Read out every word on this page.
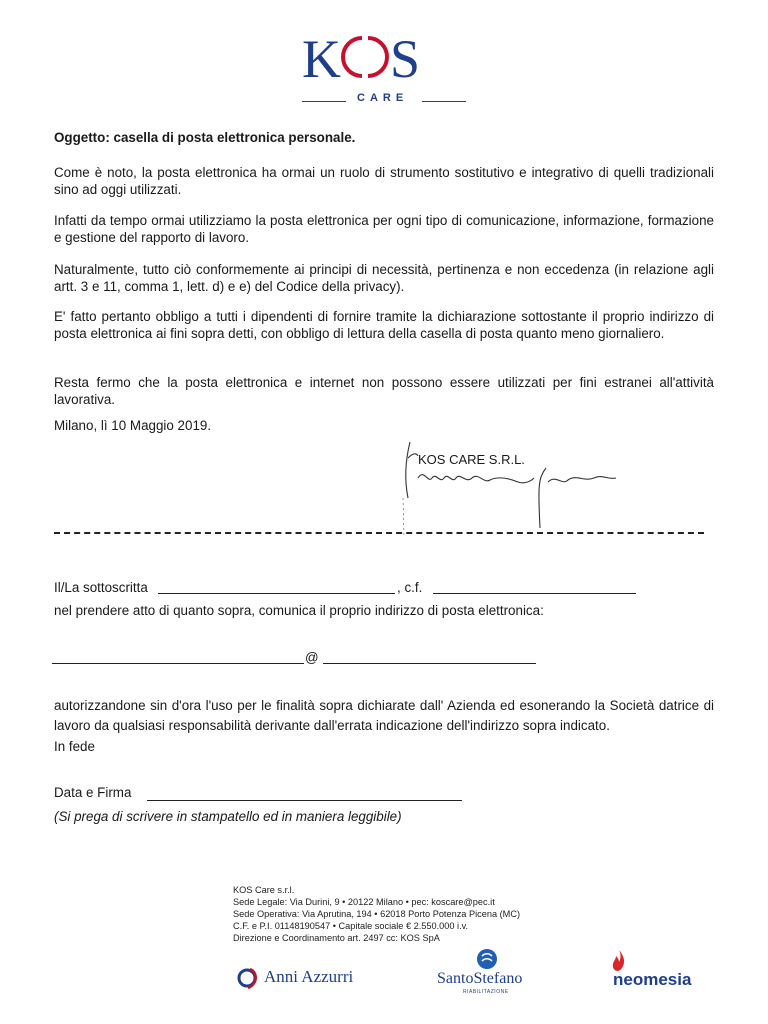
K S
CARE
Oggetto: casella di posta elettronica personale.
Come è noto, la posta elettronica ha ormai un ruolo di strumento sostitutivo e integrativo di quelli tradizionali sino ad oggi utilizzati.
Infatti da tempo ormai utilizziamo la posta elettronica per ogni tipo di comunicazione, informazione, formazione e gestione del rapporto di lavoro.
Naturalmente, tutto ciò conformemente ai principi di necessità, pertinenza e non eccedenza (in relazione agli artt. 3 e 11, comma 1, lett. d) e e) del Codice della privacy).
E' fatto pertanto obbligo a tutti i dipendenti di fornire tramite la dichiarazione sottostante il proprio indirizzo di posta elettronica ai fini sopra detti, con obbligo di lettura della casella di posta quanto meno giornaliero.
Resta fermo che la posta elettronica e internet non possono essere utilizzati per fini estranei all'attività lavorativa.
Milano, lì 10 Maggio 2019.
KOS CARE S.R.L.
Il/La sottoscritta	, c.f.
nel prendere atto di quanto sopra, comunica il proprio indirizzo di posta elettronica:
@
autorizzandone sin d'ora l'uso per le finalità sopra dichiarate dall' Azienda ed esonerando la Società datrice di lavoro da qualsiasi responsabilità derivante dall'errata indicazione dell'indirizzo sopra indicato.
In fede
Data e Firma
(Si prega di scrivere in stampatello ed in maniera leggibile)
KOS Care s.r.l.
Sede Legale: Via Durini, 9 • 20122 Milano • pec: koscare@pec.it
Sede Operativa: Via Aprutina, 194 • 62018 Porto Potenza Picena (MC)
C.F. e P.I. 01148190547 • Capitale sociale € 2.550.000 i.v.
Direzione e Coordinamento art. 2497 cc: KOS SpA
Anni Azzurri	SantoStefano
RIABILITAZIONE
neomesia
